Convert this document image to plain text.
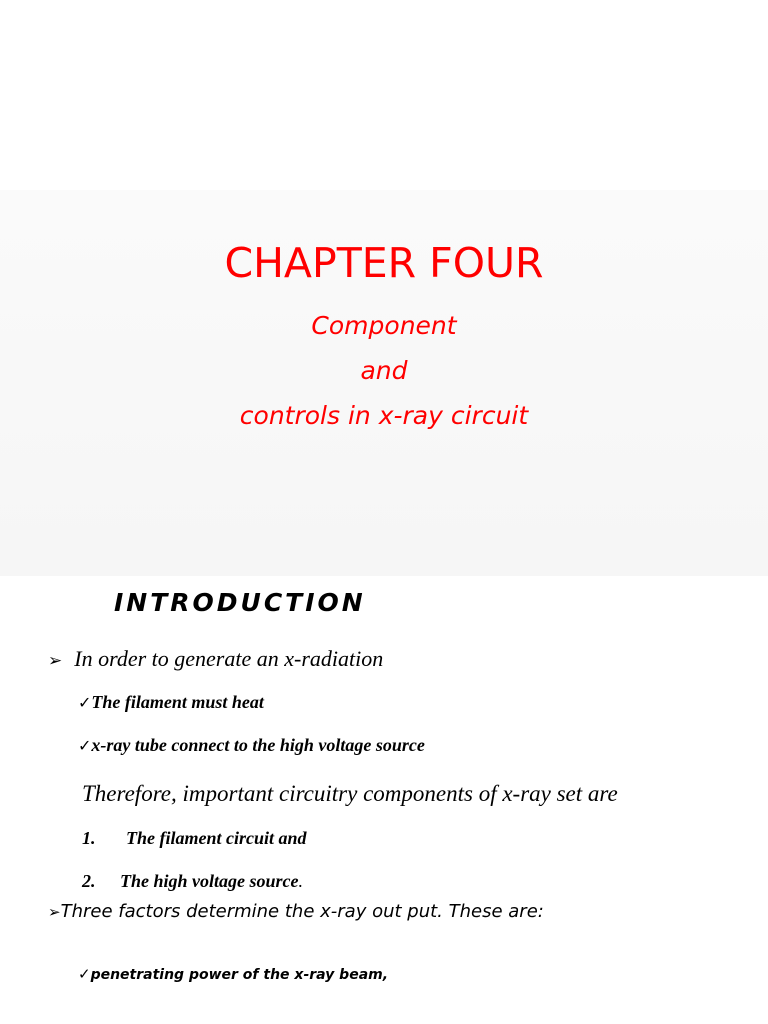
CHAPTER FOUR
Component
and
controls in x-ray circuit
INTRODUCTION
➢ In order to generate an x-radiation
✓The filament must heat
✓x-ray tube connect to the high voltage source
Therefore, important circuitry components of x-ray set are
1. The filament circuit and
2. The high voltage source.
➢Three factors determine the x-ray out put. These are:
✓penetrating power of the x-ray beam,
